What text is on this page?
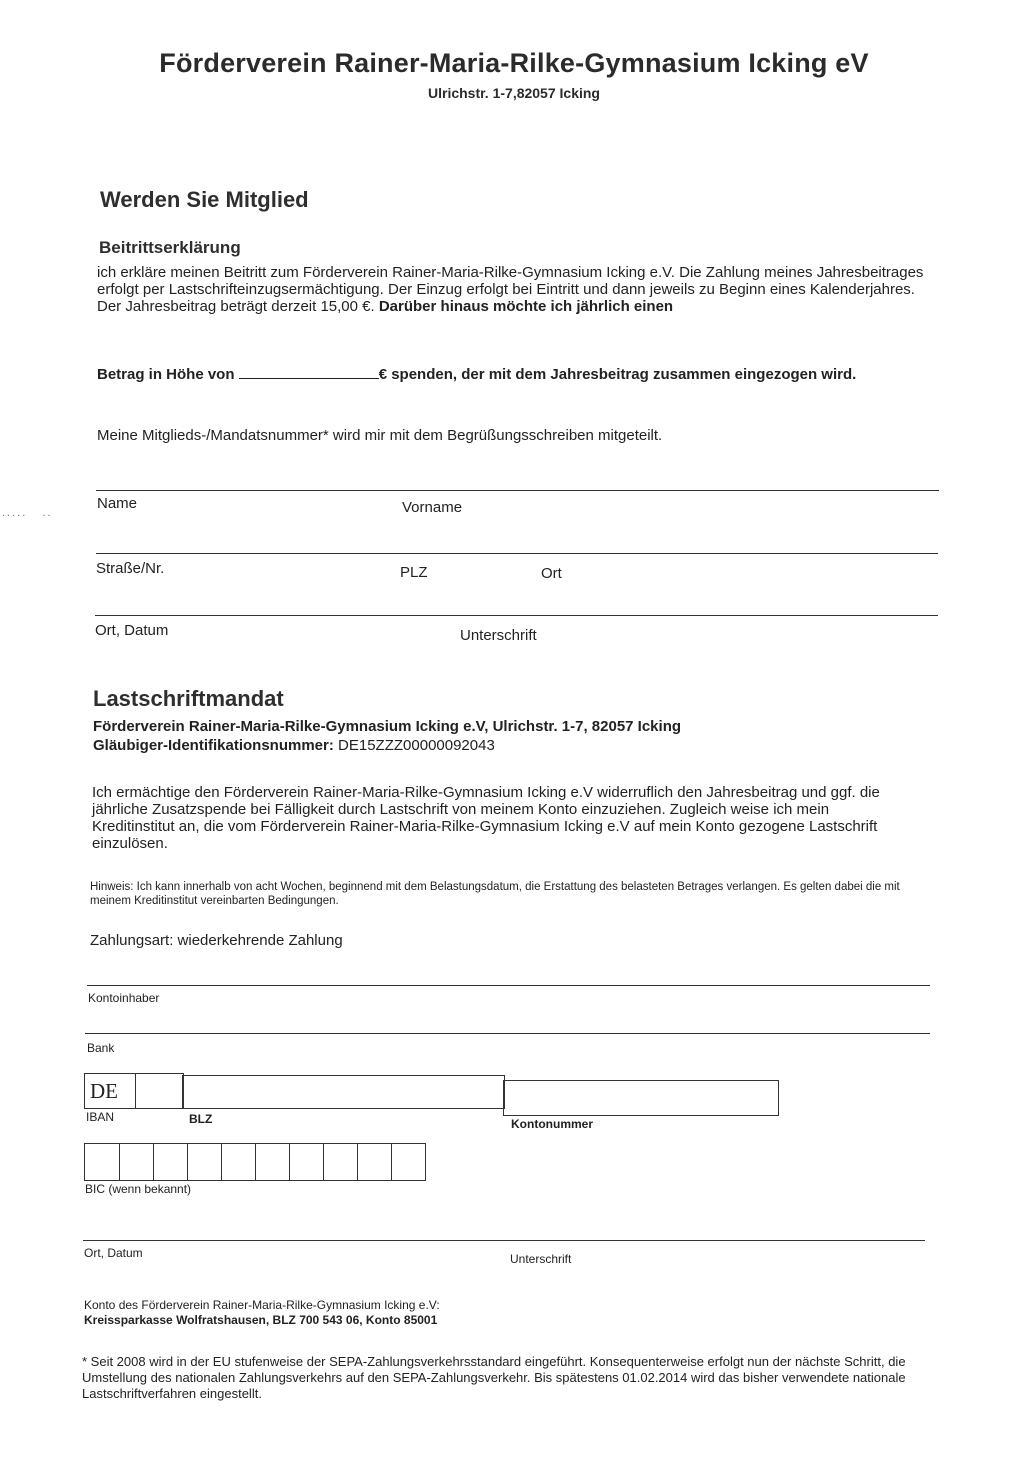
Förderverein Rainer-Maria-Rilke-Gymnasium Icking eV
Ulrichstr. 1-7,82057 Icking
Werden Sie Mitglied
Beitrittserklärung
ich erkläre meinen Beitritt zum Förderverein Rainer-Maria-Rilke-Gymnasium Icking e.V. Die Zahlung meines Jahresbeitrages erfolgt per Lastschrifteinzugsermächtigung. Der Einzug erfolgt bei Eintritt und dann jeweils zu Beginn eines Kalenderjahres. Der Jahresbeitrag beträgt derzeit 15,00 €. Darüber hinaus möchte ich jährlich einen
Betrag in Höhe von	€ spenden, der mit dem Jahresbeitrag zusammen eingezogen wird.
Meine Mitglieds-/Mandatsnummer* wird mir mit dem Begrüßungsschreiben mitgeteilt.
.....   ..
Name	Vorname
Straße/Nr.	PLZ	Ort
Ort, Datum	Unterschrift
Lastschriftmandat
Förderverein Rainer-Maria-Rilke-Gymnasium Icking e.V, Ulrichstr. 1-7, 82057 Icking
Gläubiger-Identifikationsnummer: DE15ZZZ00000092043
Ich ermächtige den Förderverein Rainer-Maria-Rilke-Gymnasium Icking e.V widerruflich den Jahresbeitrag und ggf. die jährliche Zusatzspende bei Fälligkeit durch Lastschrift von meinem Konto einzuziehen. Zugleich weise ich mein Kreditinstitut an, die vom Förderverein Rainer-Maria-Rilke-Gymnasium Icking e.V auf mein Konto gezogene Lastschrift einzulösen.
Hinweis: Ich kann innerhalb von acht Wochen, beginnend mit dem Belastungsdatum, die Erstattung des belasteten Betrages verlangen. Es gelten dabei die mit meinem Kreditinstitut vereinbarten Bedingungen.
Zahlungsart: wiederkehrende Zahlung
Kontoinhaber
Bank
DE
IBAN	BLZ	Kontonummer
BIC (wenn bekannt)
Ort, Datum	Unterschrift
Konto des Förderverein Rainer-Maria-Rilke-Gymnasium Icking e.V:
Kreissparkasse Wolfratshausen, BLZ 700 543 06, Konto 85001
* Seit 2008 wird in der EU stufenweise der SEPA-Zahlungsverkehrsstandard eingeführt. Konsequenterweise erfolgt nun der nächste Schritt, die Umstellung des nationalen Zahlungsverkehrs auf den SEPA-Zahlungsverkehr. Bis spätestens 01.02.2014 wird das bisher verwendete nationale Lastschriftverfahren eingestellt.
